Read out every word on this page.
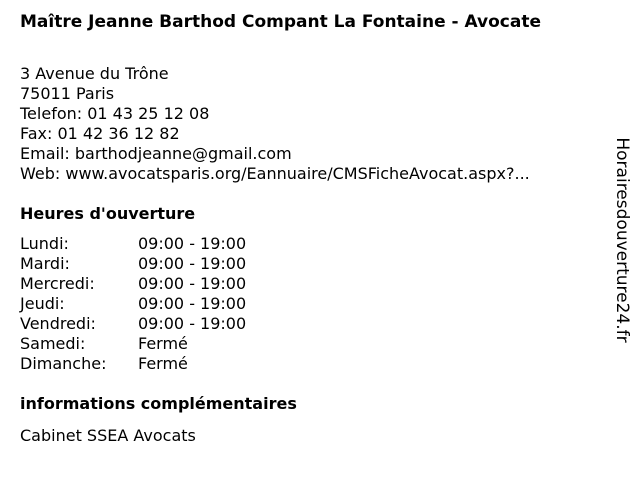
Maître Jeanne Barthod Compant La Fontaine - Avocate
3 Avenue du Trône
75011 Paris
Telefon: 01 43 25 12 08
Fax: 01 42 36 12 82
Email: barthodjeanne@gmail.com
Web: www.avocatsparis.org/Eannuaire/CMSFicheAvocat.aspx?...
Heures d'ouverture
Lundi:	09:00 - 19:00
Mardi:	09:00 - 19:00
Mercredi:	09:00 - 19:00
Jeudi:	09:00 - 19:00
Vendredi:	09:00 - 19:00
Samedi:	Fermé
Dimanche:	Fermé
informations complémentaires
Cabinet SSEA Avocats
Horairesdouverture24.fr
